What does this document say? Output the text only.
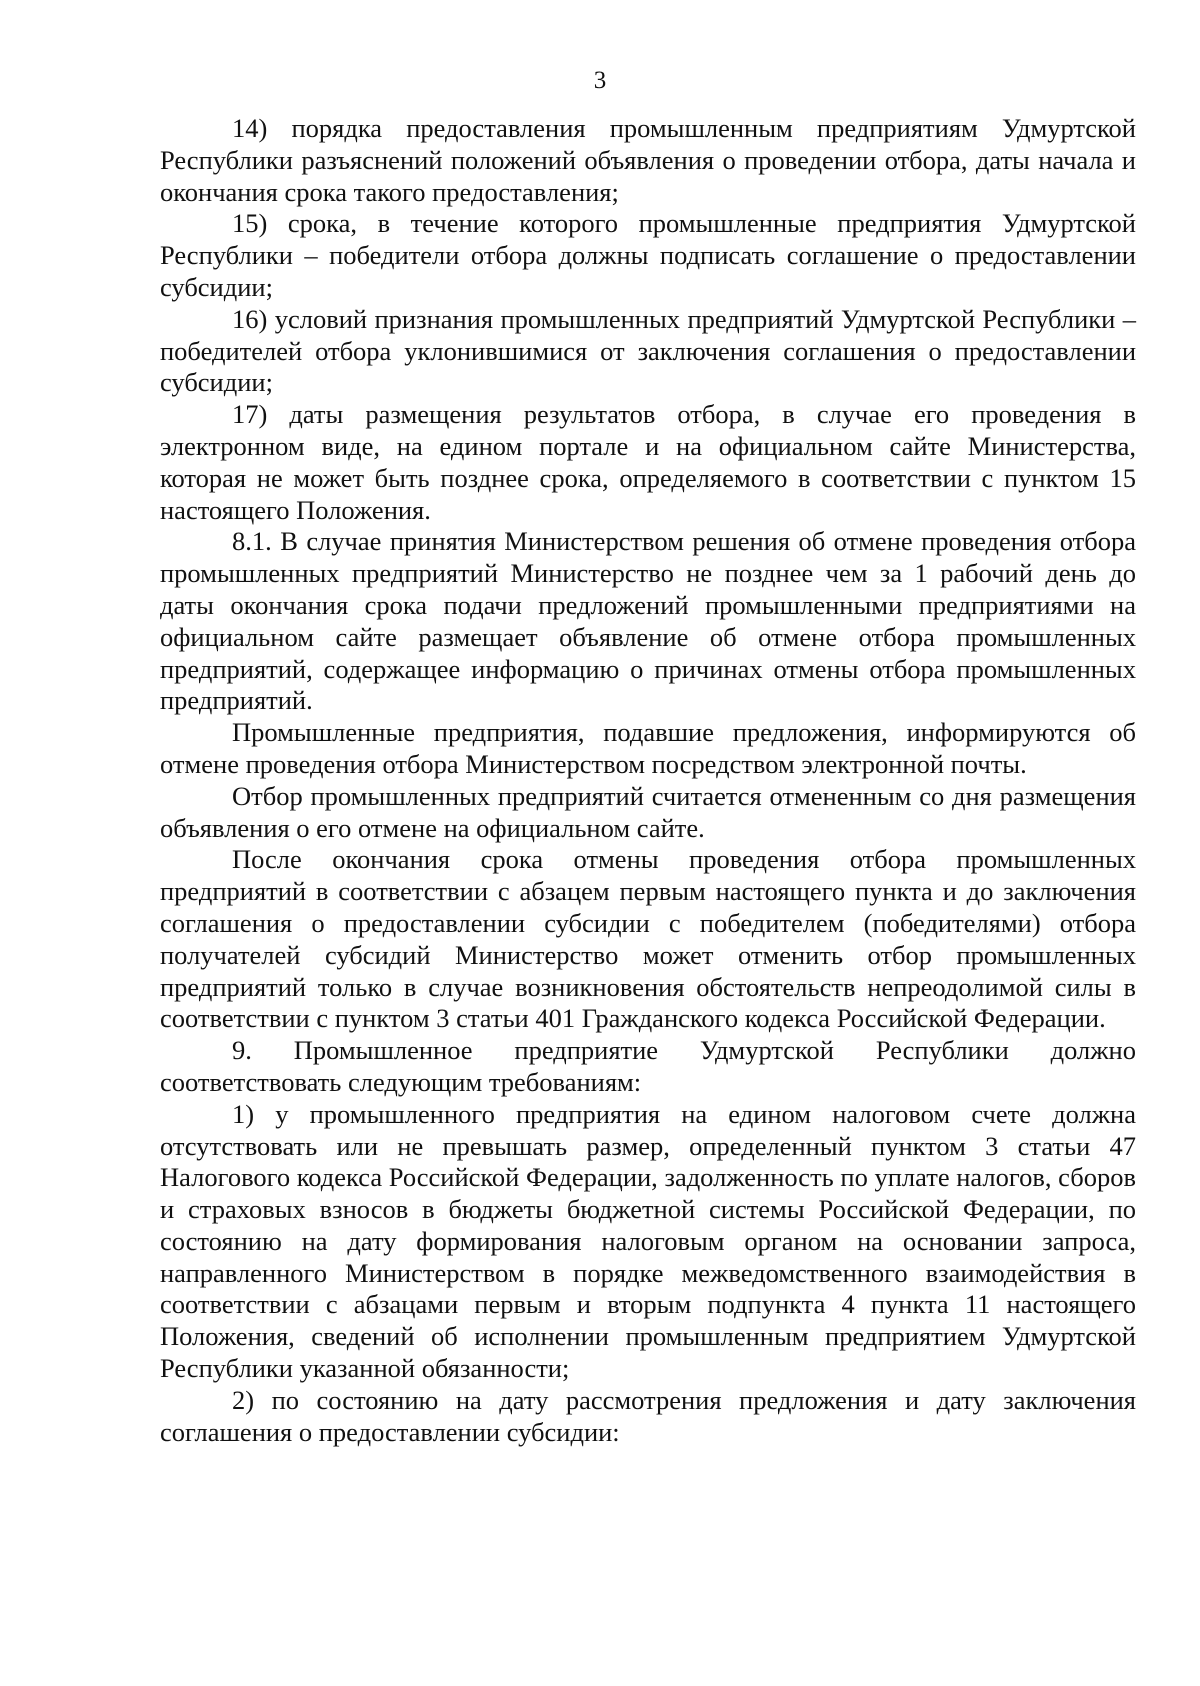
3

14) порядка предоставления промышленным предприятиям Удмуртской Республики разъяснений положений объявления о проведении отбора, даты начала и окончания срока такого предоставления;

15) срока, в течение которого промышленные предприятия Удмуртской Республики – победители отбора должны подписать соглашение о предоставлении субсидии;

16) условий признания промышленных предприятий Удмуртской Республики – победителей отбора уклонившимися от заключения соглашения о предоставлении субсидии;

17) даты размещения результатов отбора, в случае его проведения в электронном виде, на едином портале и на официальном сайте Министерства, которая не может быть позднее срока, определяемого в соответствии с пунктом 15 настоящего Положения.

8.1. В случае принятия Министерством решения об отмене проведения отбора промышленных предприятий Министерство не позднее чем за 1 рабочий день до даты окончания срока подачи предложений промышленными предприятиями на официальном сайте размещает объявление об отмене отбора промышленных предприятий, содержащее информацию о причинах отмены отбора промышленных предприятий.

Промышленные предприятия, подавшие предложения, информируются об отмене проведения отбора Министерством посредством электронной почты.

Отбор промышленных предприятий считается отмененным со дня размещения объявления о его отмене на официальном сайте.

После окончания срока отмены проведения отбора промышленных предприятий в соответствии с абзацем первым настоящего пункта и до заключения соглашения о предоставлении субсидии с победителем (победителями) отбора получателей субсидий Министерство может отменить отбор промышленных предприятий только в случае возникновения обстоятельств непреодолимой силы в соответствии с пунктом 3 статьи 401 Гражданского кодекса Российской Федерации.

9. Промышленное предприятие Удмуртской Республики должно соответствовать следующим требованиям:

1) у промышленного предприятия на едином налоговом счете должна отсутствовать или не превышать размер, определенный пунктом 3 статьи 47 Налогового кодекса Российской Федерации, задолженность по уплате налогов, сборов и страховых взносов в бюджеты бюджетной системы Российской Федерации, по состоянию на дату формирования налоговым органом на основании запроса, направленного Министерством в порядке межведомственного взаимодействия в соответствии с абзацами первым и вторым подпункта 4 пункта 11 настоящего Положения, сведений об исполнении промышленным предприятием Удмуртской Республики указанной обязанности;

2) по состоянию на дату рассмотрения предложения и дату заключения соглашения о предоставлении субсидии:
